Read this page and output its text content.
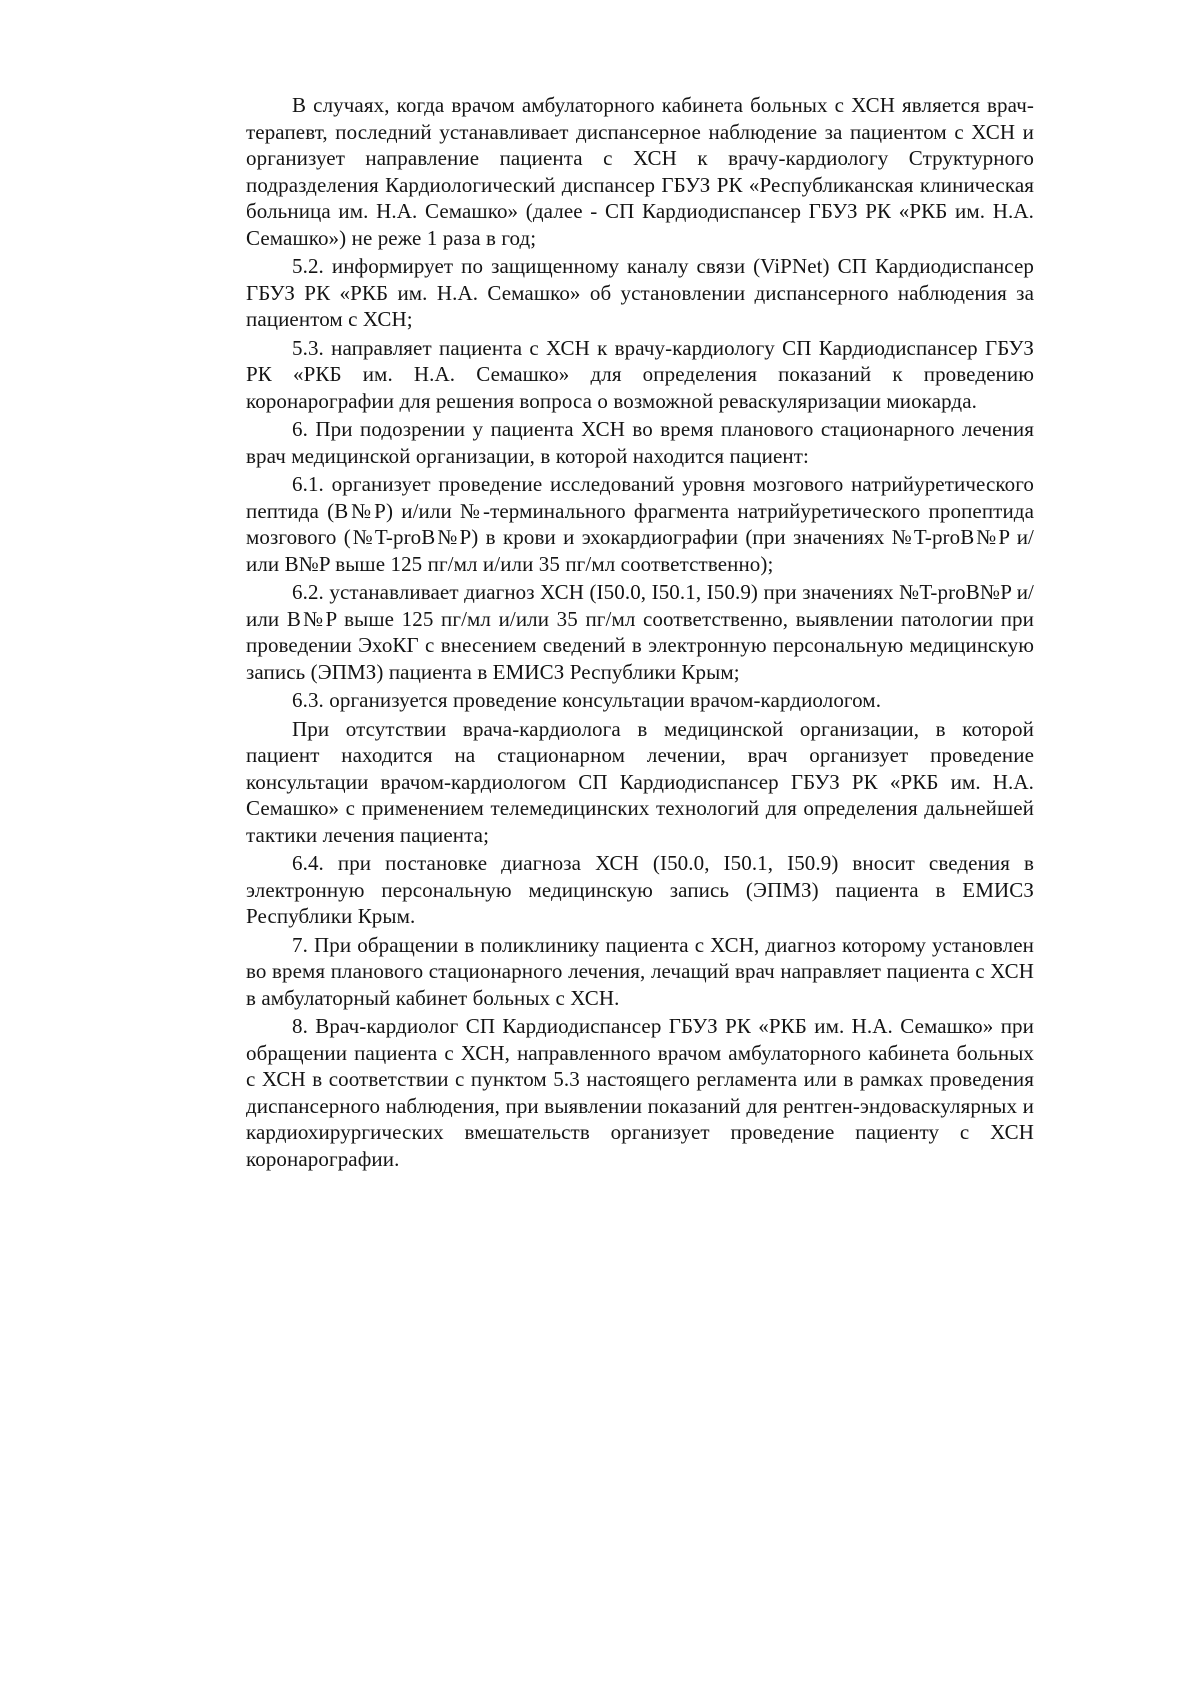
В случаях, когда врачом амбулаторного кабинета больных с ХСН является врач-терапевт, последний устанавливает диспансерное наблюдение за пациентом с ХСН и организует направление пациента с ХСН к врачу-кардиологу Структурного подразделения Кардиологический диспансер ГБУЗ РК «Республиканская клиническая больница им. Н.А. Семашко» (далее - СП Кардиодиспансер ГБУЗ РК «РКБ им. Н.А. Семашко») не реже 1 раза в год;

5.2. информирует по защищенному каналу связи (ViPNet) СП Кардиодиспансер ГБУЗ РК «РКБ им. Н.А. Семашко» об установлении диспансерного наблюдения за пациентом с ХСН;

5.3. направляет пациента с ХСН к врачу-кардиологу СП Кардиодиспансер ГБУЗ РК «РКБ им. Н.А. Семашко» для определения показаний к проведению коронарографии для решения вопроса о возможной реваскуляризации миокарда.

6. При подозрении у пациента ХСН во время планового стационарного лечения врач медицинской организации, в которой находится пациент:

6.1. организует проведение исследований уровня мозгового натрийуретического пептида (B№P) и/или №-терминального фрагмента натрийуретического пропептида мозгового (№T-proB№P) в крови и эхокардиографии (при значениях №T-proB№P и/или B№P выше 125 пг/мл и/или 35 пг/мл соответственно);

6.2. устанавливает диагноз ХСН (I50.0, I50.1, I50.9) при значениях №T-proB№P и/или B№P выше 125 пг/мл и/или 35 пг/мл соответственно, выявлении патологии при проведении ЭхоКГ с внесением сведений в электронную персональную медицинскую запись (ЭПМЗ) пациента в ЕМИСЗ Республики Крым;

6.3. организуется проведение консультации врачом-кардиологом.

При отсутствии врача-кардиолога в медицинской организации, в которой пациент находится на стационарном лечении, врач организует проведение консультации врачом-кардиологом СП Кардиодиспансер ГБУЗ РК «РКБ им. Н.А. Семашко» с применением телемедицинских технологий для определения дальнейшей тактики лечения пациента;

6.4. при постановке диагноза ХСН (I50.0, I50.1, I50.9) вносит сведения в электронную персональную медицинскую запись (ЭПМЗ) пациента в ЕМИСЗ Республики Крым.

7. При обращении в поликлинику пациента с ХСН, диагноз которому установлен во время планового стационарного лечения, лечащий врач направляет пациента с ХСН в амбулаторный кабинет больных с ХСН.

8. Врач-кардиолог СП Кардиодиспансер ГБУЗ РК «РКБ им. Н.А. Семашко» при обращении пациента с ХСН, направленного врачом амбулаторного кабинета больных с ХСН в соответствии с пунктом 5.3 настоящего регламента или в рамках проведения диспансерного наблюдения, при выявлении показаний для рентген-эндоваскулярных и кардиохирургических вмешательств организует проведение пациенту с ХСН коронарографии.
